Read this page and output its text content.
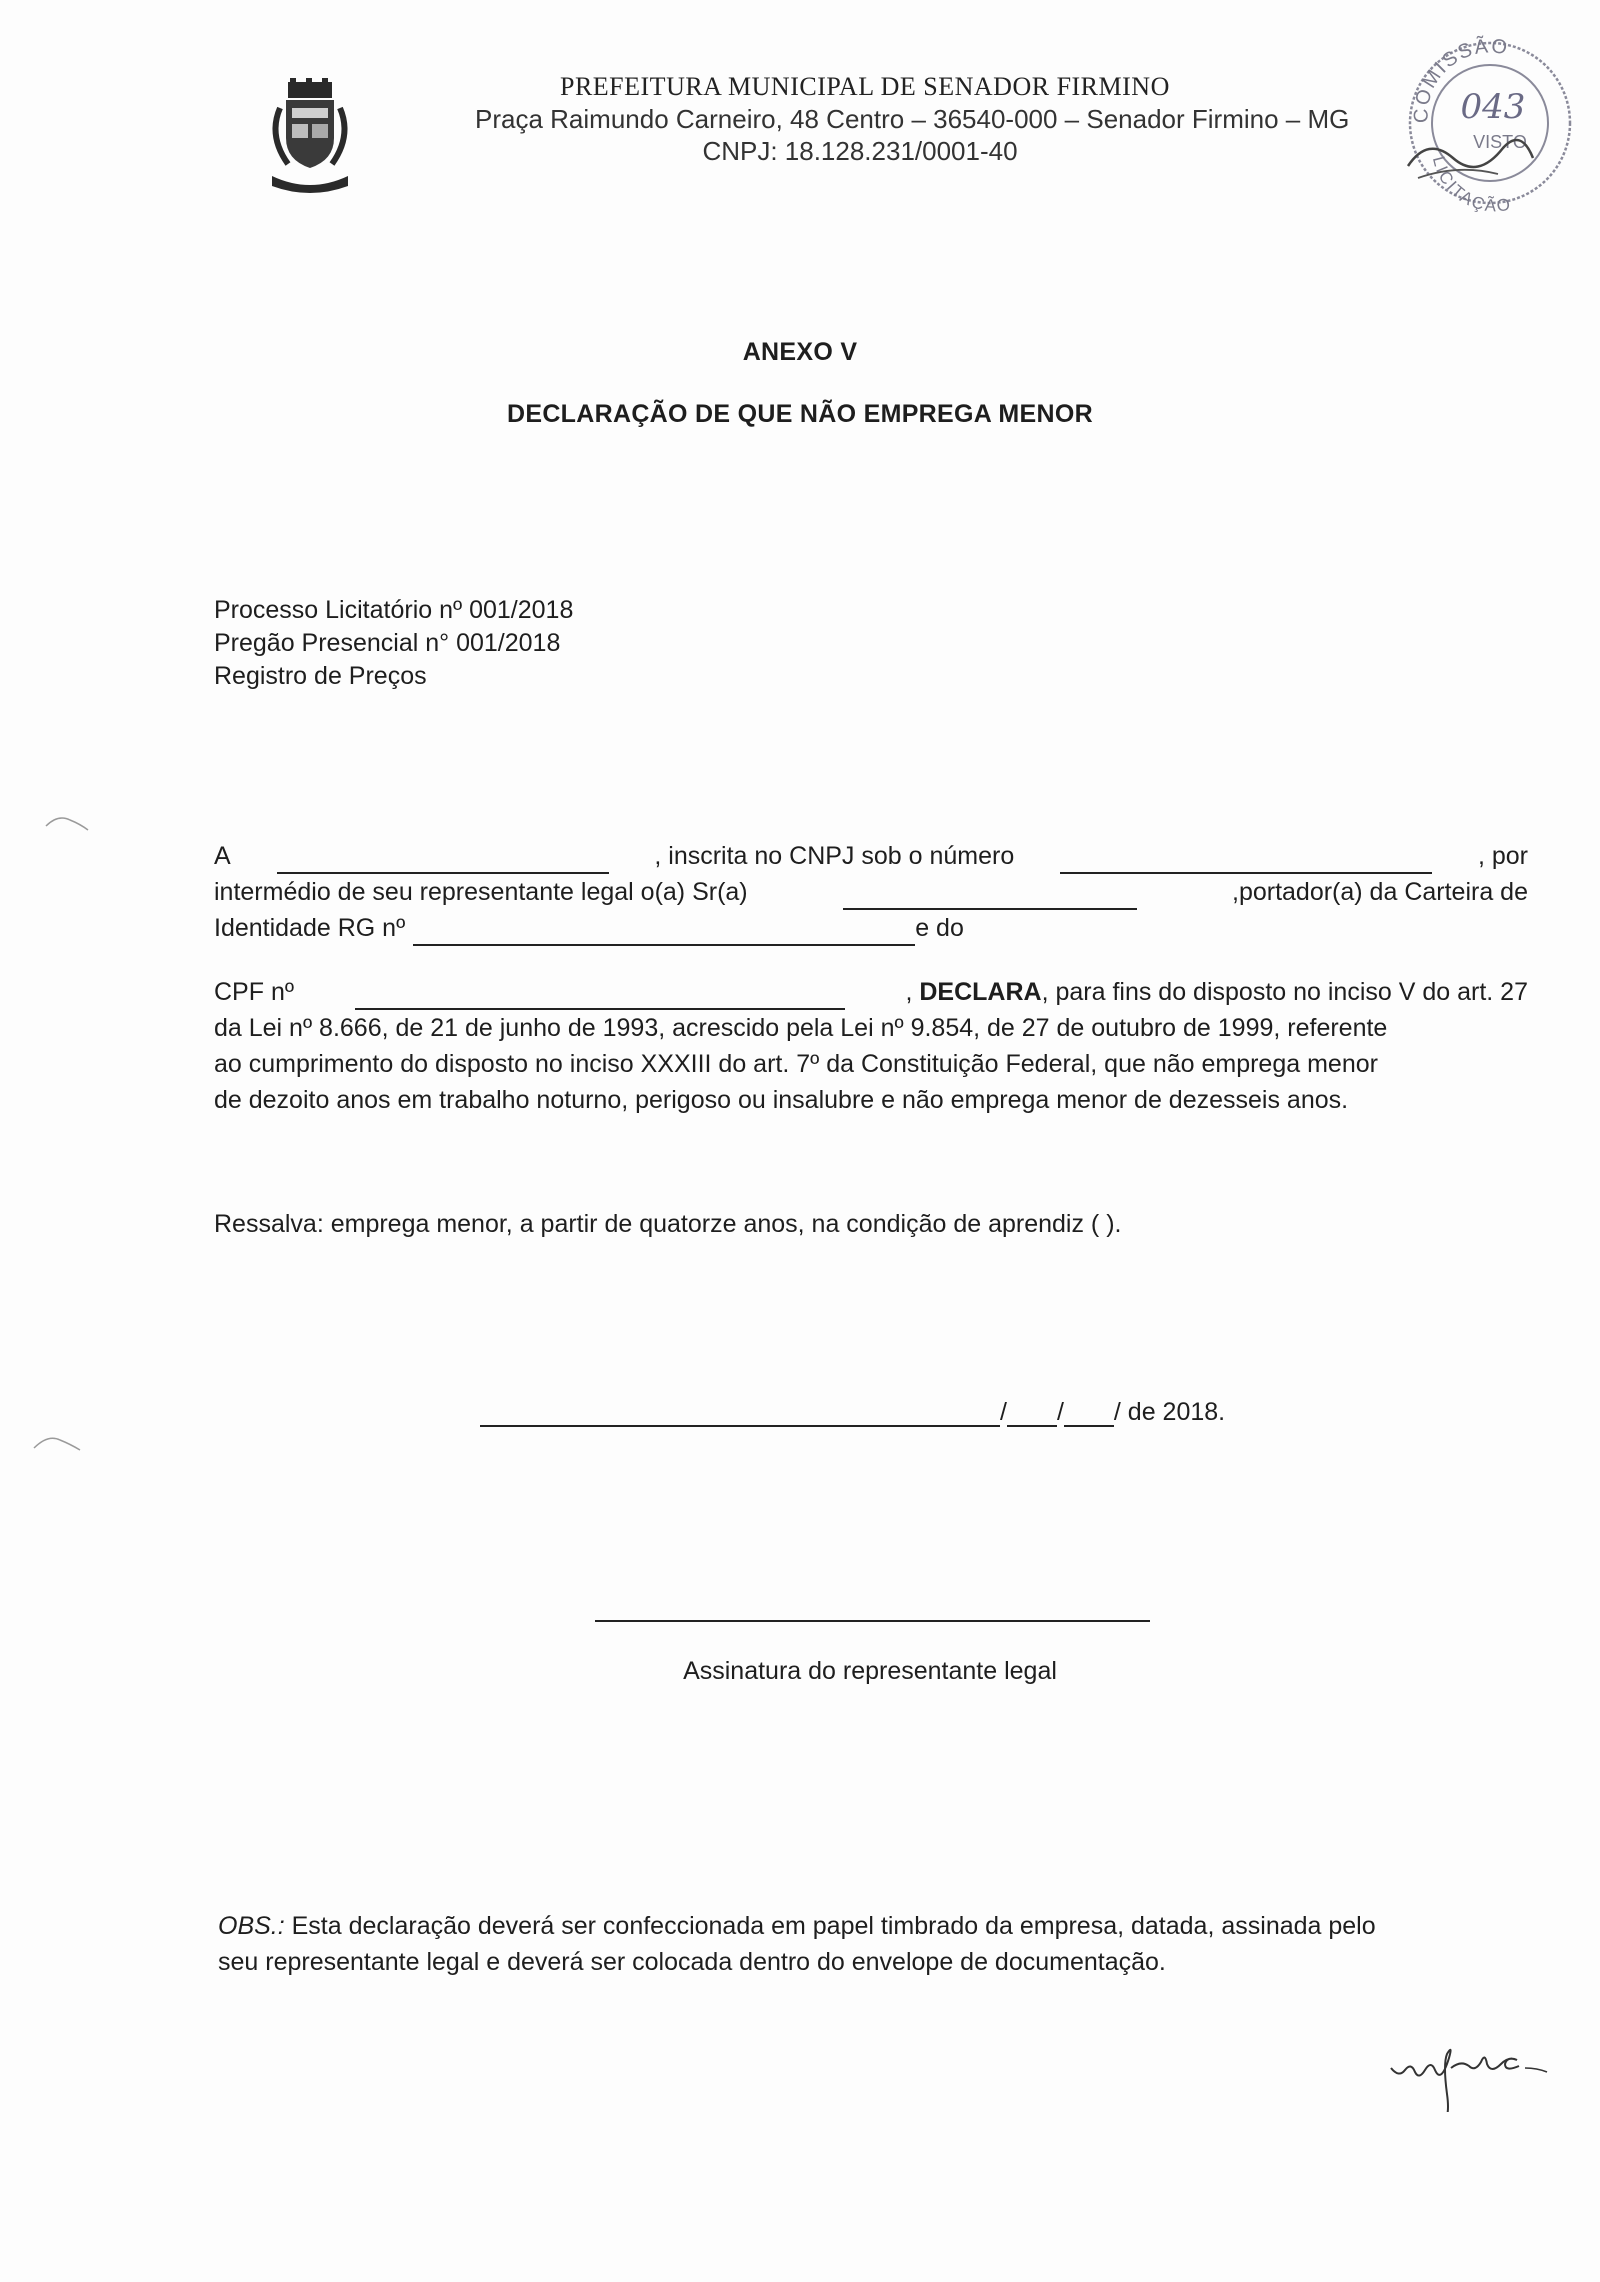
PREFEITURA MUNICIPAL DE SENADOR FIRMINO
Praça Raimundo Carneiro, 48 Centro – 36540-000 – Senador Firmino – MG
CNPJ: 18.128.231/0001-40
COMISSÃO
043
VISTO
LICITAÇÃO
ANEXO V
DECLARAÇÃO DE QUE NÃO EMPREGA MENOR
Processo Licitatório nº 001/2018
Pregão Presencial n° 001/2018
Registro de Preços
A	, inscrita no CNPJ sob o número	, por
intermédio de seu representante legal o(a) Sr(a)	,portador(a) da Carteira de
Identidade RG nº	e do
CPF nº	, DECLARA, para fins do disposto no inciso V do art. 27
da Lei nº 8.666, de 21 de junho de 1993, acrescido pela Lei nº 9.854, de 27 de outubro de 1999, referente
ao cumprimento do disposto no inciso XXXIII do art. 7º da Constituição Federal, que não emprega menor
de dezoito anos em trabalho noturno, perigoso ou insalubre e não emprega menor de dezesseis anos.
Ressalva: emprega menor, a partir de quatorze anos, na condição de aprendiz ( ).
/ / / de 2018.
Assinatura do representante legal
OBS.: Esta declaração deverá ser confeccionada em papel timbrado da empresa, datada, assinada pelo
seu representante legal e deverá ser colocada dentro do envelope de documentação.
